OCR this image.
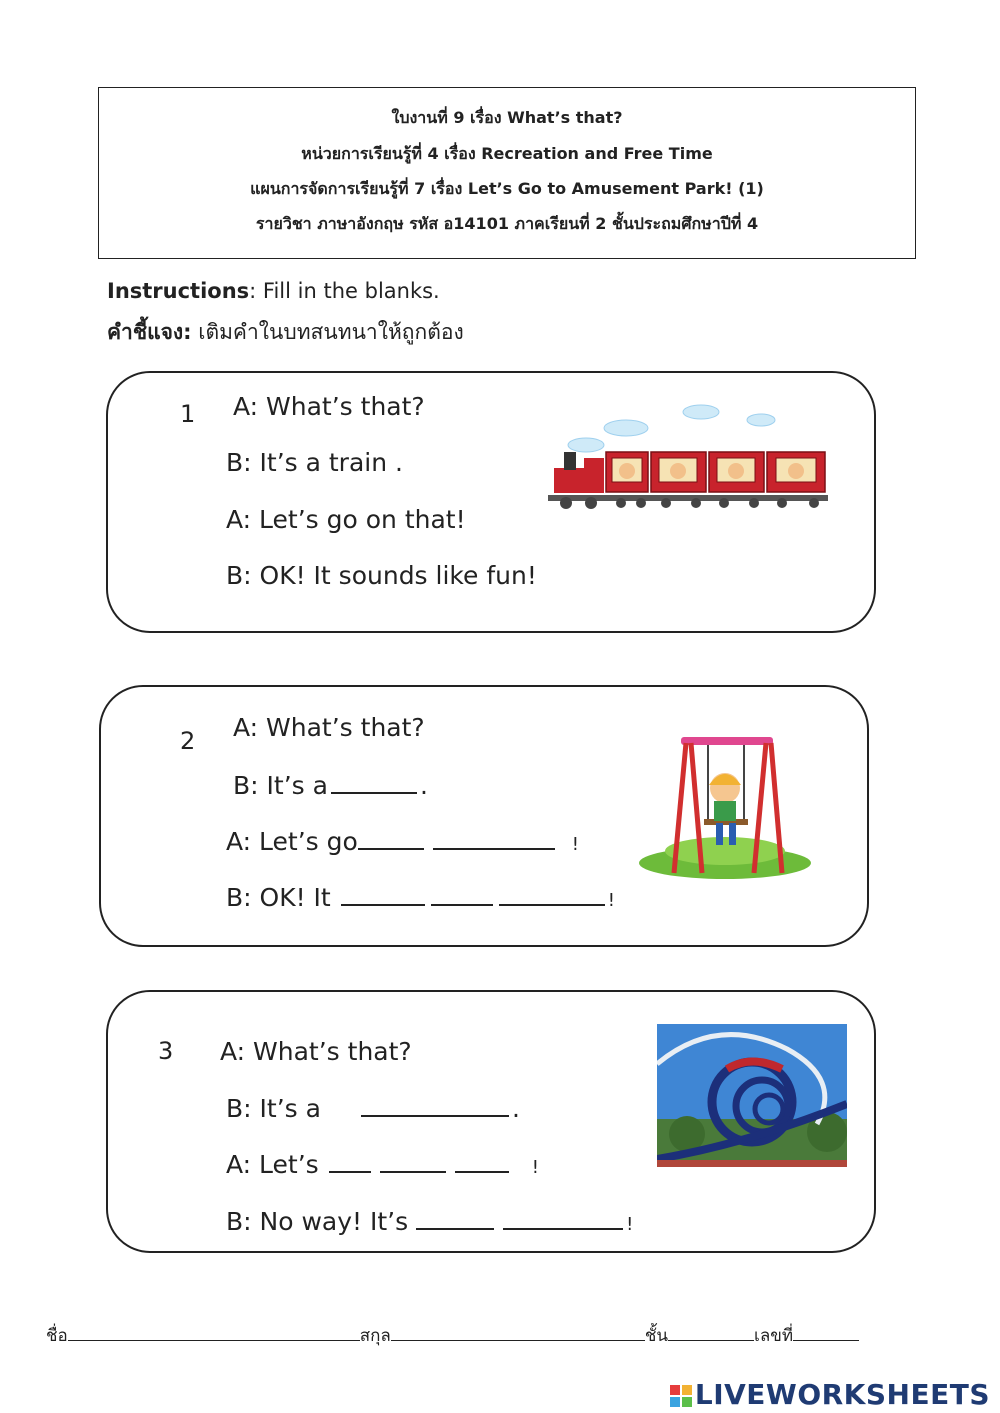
ใบงานที่ 9 เรื่อง What’s that?
หน่วยการเรียนรู้ที่ 4 เรื่อง Recreation and Free Time
แผนการจัดการเรียนรู้ที่ 7 เรื่อง Let’s Go to Amusement Park! (1)
รายวิชา ภาษาอังกฤษ รหัส อ14101 ภาคเรียนที่ 2 ชั้นประถมศึกษาปีที่ 4
Instructions: Fill in the blanks.
คำชี้แจง: เติมคำในบทสนทนาให้ถูกต้อง
1 A: What’s that?
B: It’s a train .
A: Let’s go on that!
B: OK! It sounds like fun!
2 A: What’s that?
B: It’s a	.
A: Let’s go	!
B: OK! It	!
3 A: What’s that?
B: It’s a	.
A: Let’s	!
B: No way! It’s	!
ชื่อ	สกุล	ชั้น	เลขที่
LIVEWORKSHEETS
